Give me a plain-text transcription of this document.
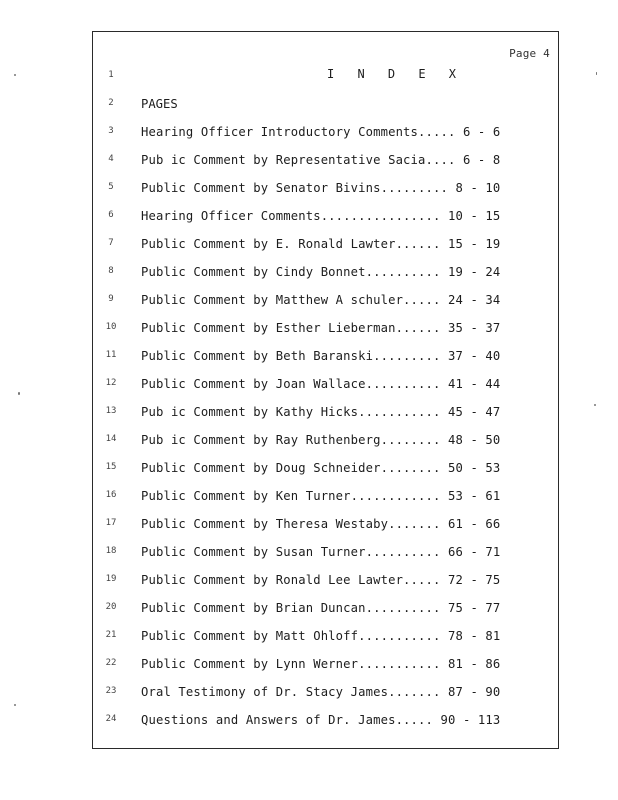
Page 4
I N D E X
PAGES
1
2
3
4
5
6
7
8
9
10
11
12
13
14
15
16
17
18
19
20
21
22
23
24
Hearing Officer Introductory Comments..... 6 - 6
Pub ic Comment by Representative Sacia.... 6 - 8
Public Comment by Senator Bivins......... 8 - 10
Hearing Officer Comments................ 10 - 15
Public Comment by E. Ronald Lawter...... 15 - 19
Public Comment by Cindy Bonnet.......... 19 - 24
Public Comment by Matthew A schuler..... 24 - 34
Public Comment by Esther Lieberman...... 35 - 37
Public Comment by Beth Baranski......... 37 - 40
Public Comment by Joan Wallace.......... 41 - 44
Pub ic Comment by Kathy Hicks........... 45 - 47
Pub ic Comment by Ray Ruthenberg........ 48 - 50
Public Comment by Doug Schneider........ 50 - 53
Public Comment by Ken Turner............ 53 - 61
Public Comment by Theresa Westaby....... 61 - 66
Public Comment by Susan Turner.......... 66 - 71
Public Comment by Ronald Lee Lawter..... 72 - 75
Public Comment by Brian Duncan.......... 75 - 77
Public Comment by Matt Ohloff........... 78 - 81
Public Comment by Lynn Werner........... 81 - 86
Oral Testimony of Dr. Stacy James....... 87 - 90
Questions and Answers of Dr. James..... 90 - 113
